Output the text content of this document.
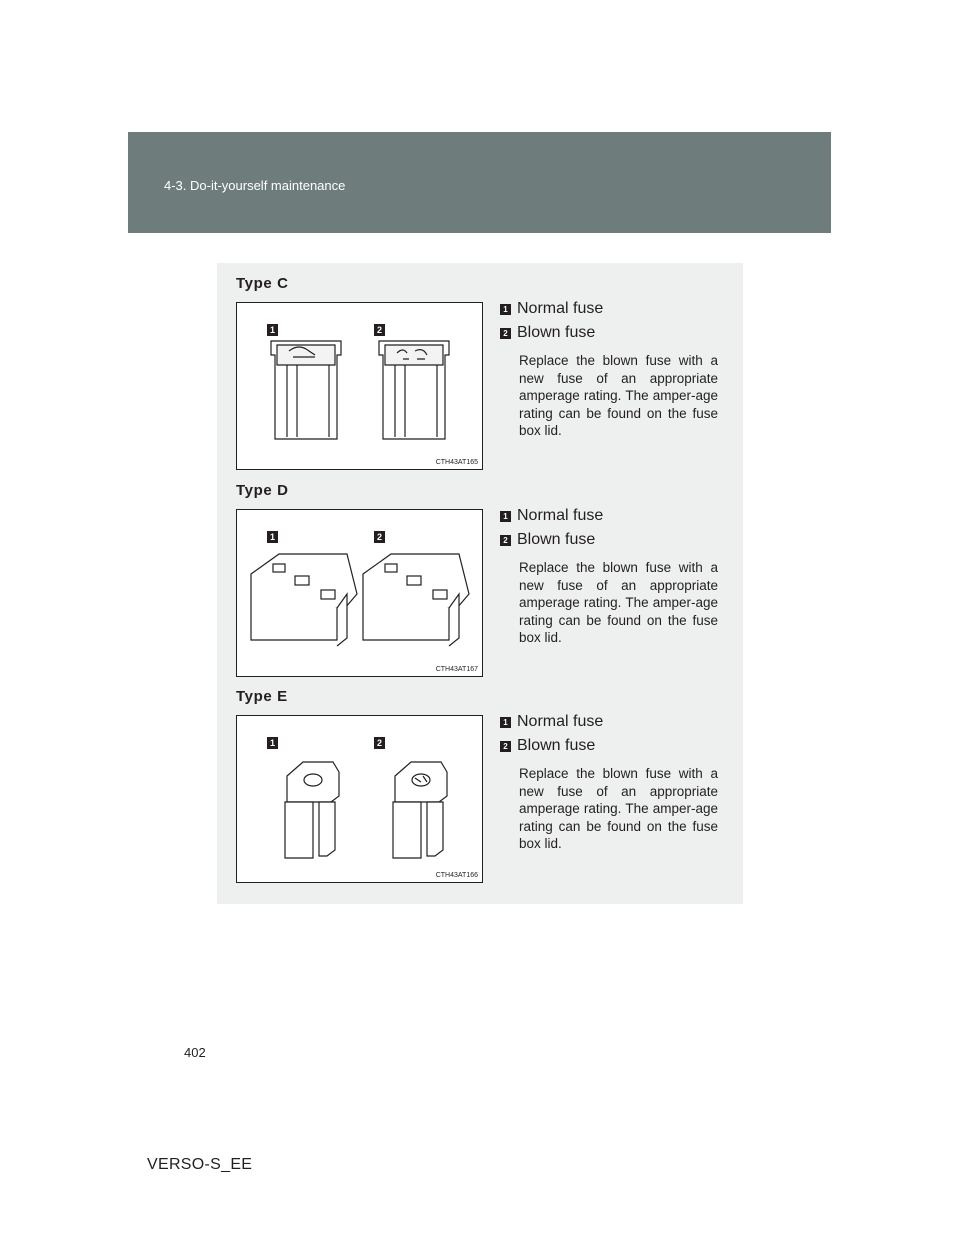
4-3. Do-it-yourself maintenance
Type C
1	2
CTH43AT165
1 Normal fuse
2 Blown fuse
Replace the blown fuse with a new fuse of an appropriate amperage rating. The amper-age rating can be found on the fuse box lid.
Type D
1	2
CTH43AT167
1 Normal fuse
2 Blown fuse
Replace the blown fuse with a new fuse of an appropriate amperage rating. The amper-age rating can be found on the fuse box lid.
Type E
1	2
CTH43AT166
1 Normal fuse
2 Blown fuse
Replace the blown fuse with a new fuse of an appropriate amperage rating. The amper-age rating can be found on the fuse box lid.
402
VERSO-S_EE
